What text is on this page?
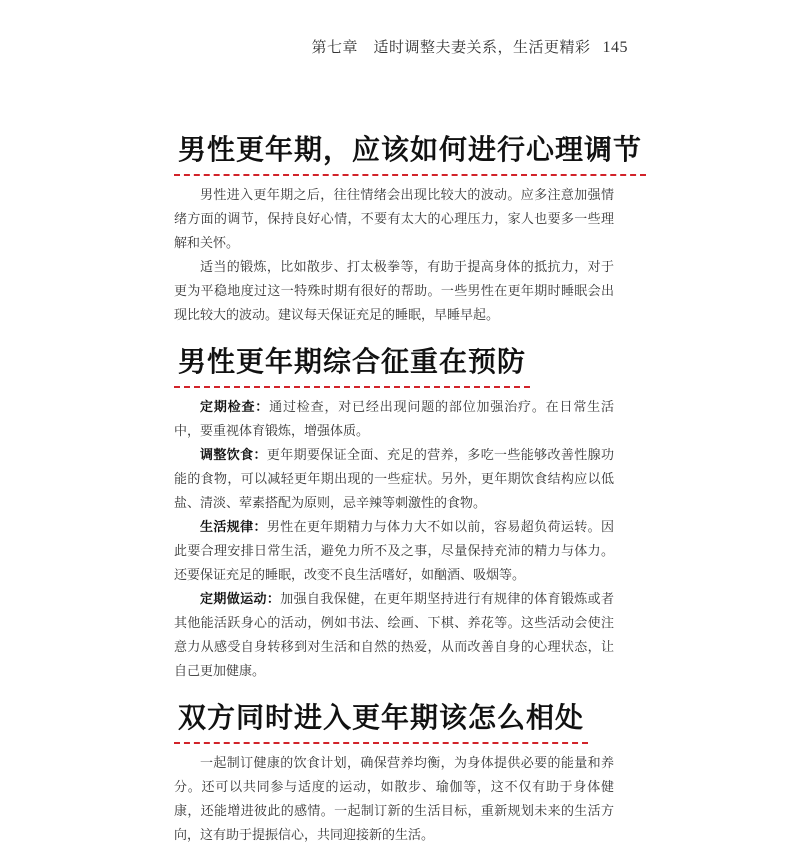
第七章　适时调整夫妻关系，生活更精彩 145
男性更年期，应该如何进行心理调节

男性进入更年期之后，往往情绪会出现比较大的波动。应多注意加强情绪方面的调节，保持良好心情，不要有太大的心理压力，家人也要多一些理解和关怀。

适当的锻炼，比如散步、打太极拳等，有助于提高身体的抵抗力，对于更为平稳地度过这一特殊时期有很好的帮助。一些男性在更年期时睡眠会出现比较大的波动。建议每天保证充足的睡眠，早睡早起。

男性更年期综合征重在预防

定期检查：通过检查，对已经出现问题的部位加强治疗。在日常生活中，要重视体育锻炼，增强体质。

调整饮食：更年期要保证全面、充足的营养，多吃一些能够改善性腺功能的食物，可以减轻更年期出现的一些症状。另外，更年期饮食结构应以低盐、清淡、荤素搭配为原则，忌辛辣等刺激性的食物。

生活规律：男性在更年期精力与体力大不如以前，容易超负荷运转。因此要合理安排日常生活，避免力所不及之事，尽量保持充沛的精力与体力。还要保证充足的睡眠，改变不良生活嗜好，如酗酒、吸烟等。

定期做运动：加强自我保健，在更年期坚持进行有规律的体育锻炼或者其他能活跃身心的活动，例如书法、绘画、下棋、养花等。这些活动会使注意力从感受自身转移到对生活和自然的热爱，从而改善自身的心理状态，让自己更加健康。

双方同时进入更年期该怎么相处

一起制订健康的饮食计划，确保营养均衡，为身体提供必要的能量和养分。还可以共同参与适度的运动，如散步、瑜伽等，这不仅有助于身体健康，还能增进彼此的感情。一起制订新的生活目标，重新规划未来的生活方向，这有助于提振信心，共同迎接新的生活。
